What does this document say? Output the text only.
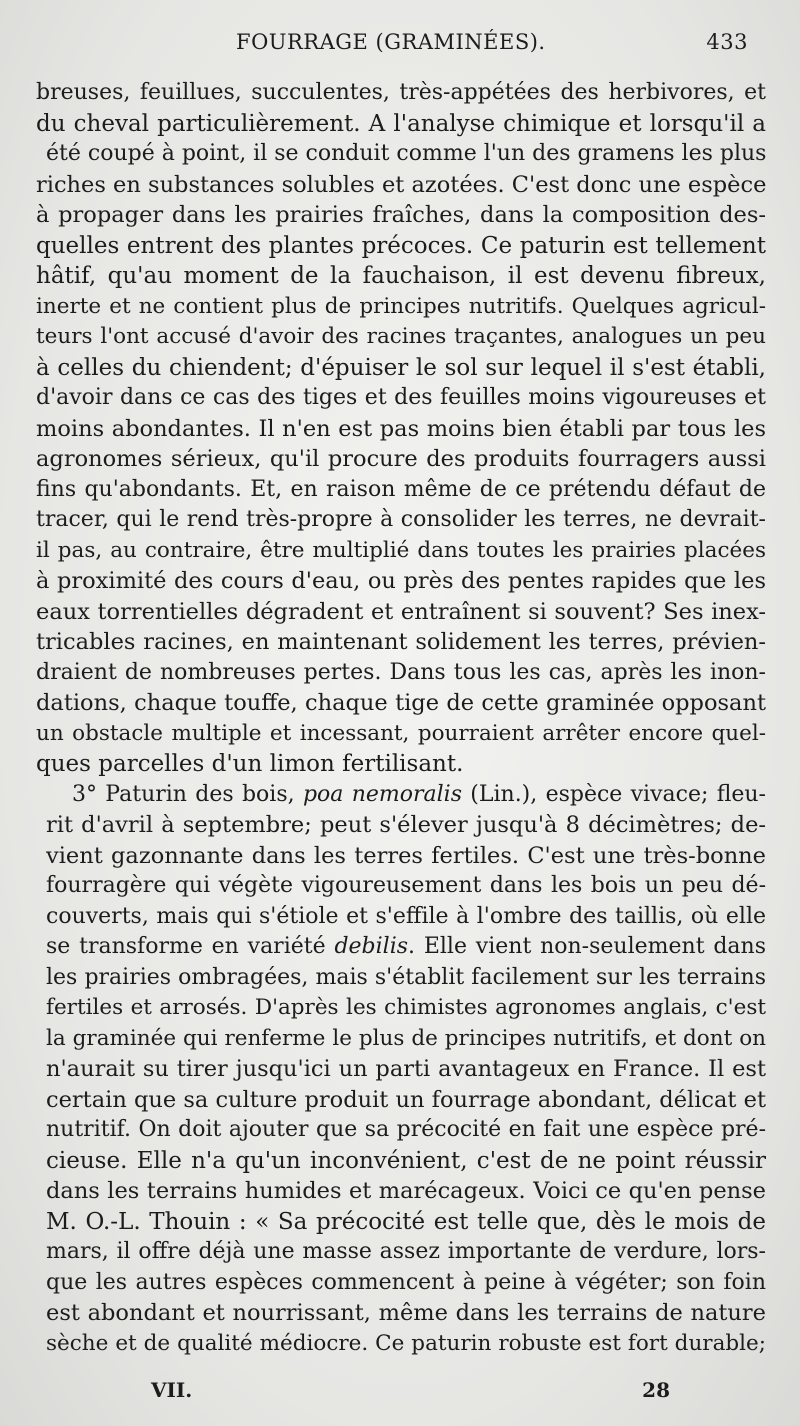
FOURRAGE (GRAMINÉES).	433
breuses, feuillues, succulentes, très-appétées des herbivores, et
du cheval particulièrement. A l'analyse chimique et lorsqu'il a
été coupé à point, il se conduit comme l'un des gramens les plus
riches en substances solubles et azotées. C'est donc une espèce
à propager dans les prairies fraîches, dans la composition des-
quelles entrent des plantes précoces. Ce paturin est tellement
hâtif, qu'au moment de la fauchaison, il est devenu fibreux,
inerte et ne contient plus de principes nutritifs. Quelques agricul-
teurs l'ont accusé d'avoir des racines traçantes, analogues un peu
à celles du chiendent; d'épuiser le sol sur lequel il s'est établi,
d'avoir dans ce cas des tiges et des feuilles moins vigoureuses et
moins abondantes. Il n'en est pas moins bien établi par tous les
agronomes sérieux, qu'il procure des produits fourragers aussi
fins qu'abondants. Et, en raison même de ce prétendu défaut de
tracer, qui le rend très-propre à consolider les terres, ne devrait-
il pas, au contraire, être multiplié dans toutes les prairies placées
à proximité des cours d'eau, ou près des pentes rapides que les
eaux torrentielles dégradent et entraînent si souvent? Ses inex-
tricables racines, en maintenant solidement les terres, prévien-
draient de nombreuses pertes. Dans tous les cas, après les inon-
dations, chaque touffe, chaque tige de cette graminée opposant
un obstacle multiple et incessant, pourraient arrêter encore quel-
ques parcelles d'un limon fertilisant.
3° Paturin des bois, poa nemoralis (Lin.), espèce vivace; fleu-
rit d'avril à septembre; peut s'élever jusqu'à 8 décimètres; de-
vient gazonnante dans les terres fertiles. C'est une très-bonne
fourragère qui végète vigoureusement dans les bois un peu dé-
couverts, mais qui s'étiole et s'effile à l'ombre des taillis, où elle
se transforme en variété debilis. Elle vient non-seulement dans
les prairies ombragées, mais s'établit facilement sur les terrains
fertiles et arrosés. D'après les chimistes agronomes anglais, c'est
la graminée qui renferme le plus de principes nutritifs, et dont on
n'aurait su tirer jusqu'ici un parti avantageux en France. Il est
certain que sa culture produit un fourrage abondant, délicat et
nutritif. On doit ajouter que sa précocité en fait une espèce pré-
cieuse. Elle n'a qu'un inconvénient, c'est de ne point réussir
dans les terrains humides et marécageux. Voici ce qu'en pense
M. O.-L. Thouin : « Sa précocité est telle que, dès le mois de
mars, il offre déjà une masse assez importante de verdure, lors-
que les autres espèces commencent à peine à végéter; son foin
est abondant et nourrissant, même dans les terrains de nature
sèche et de qualité médiocre. Ce paturin robuste est fort durable;
VII.	28
